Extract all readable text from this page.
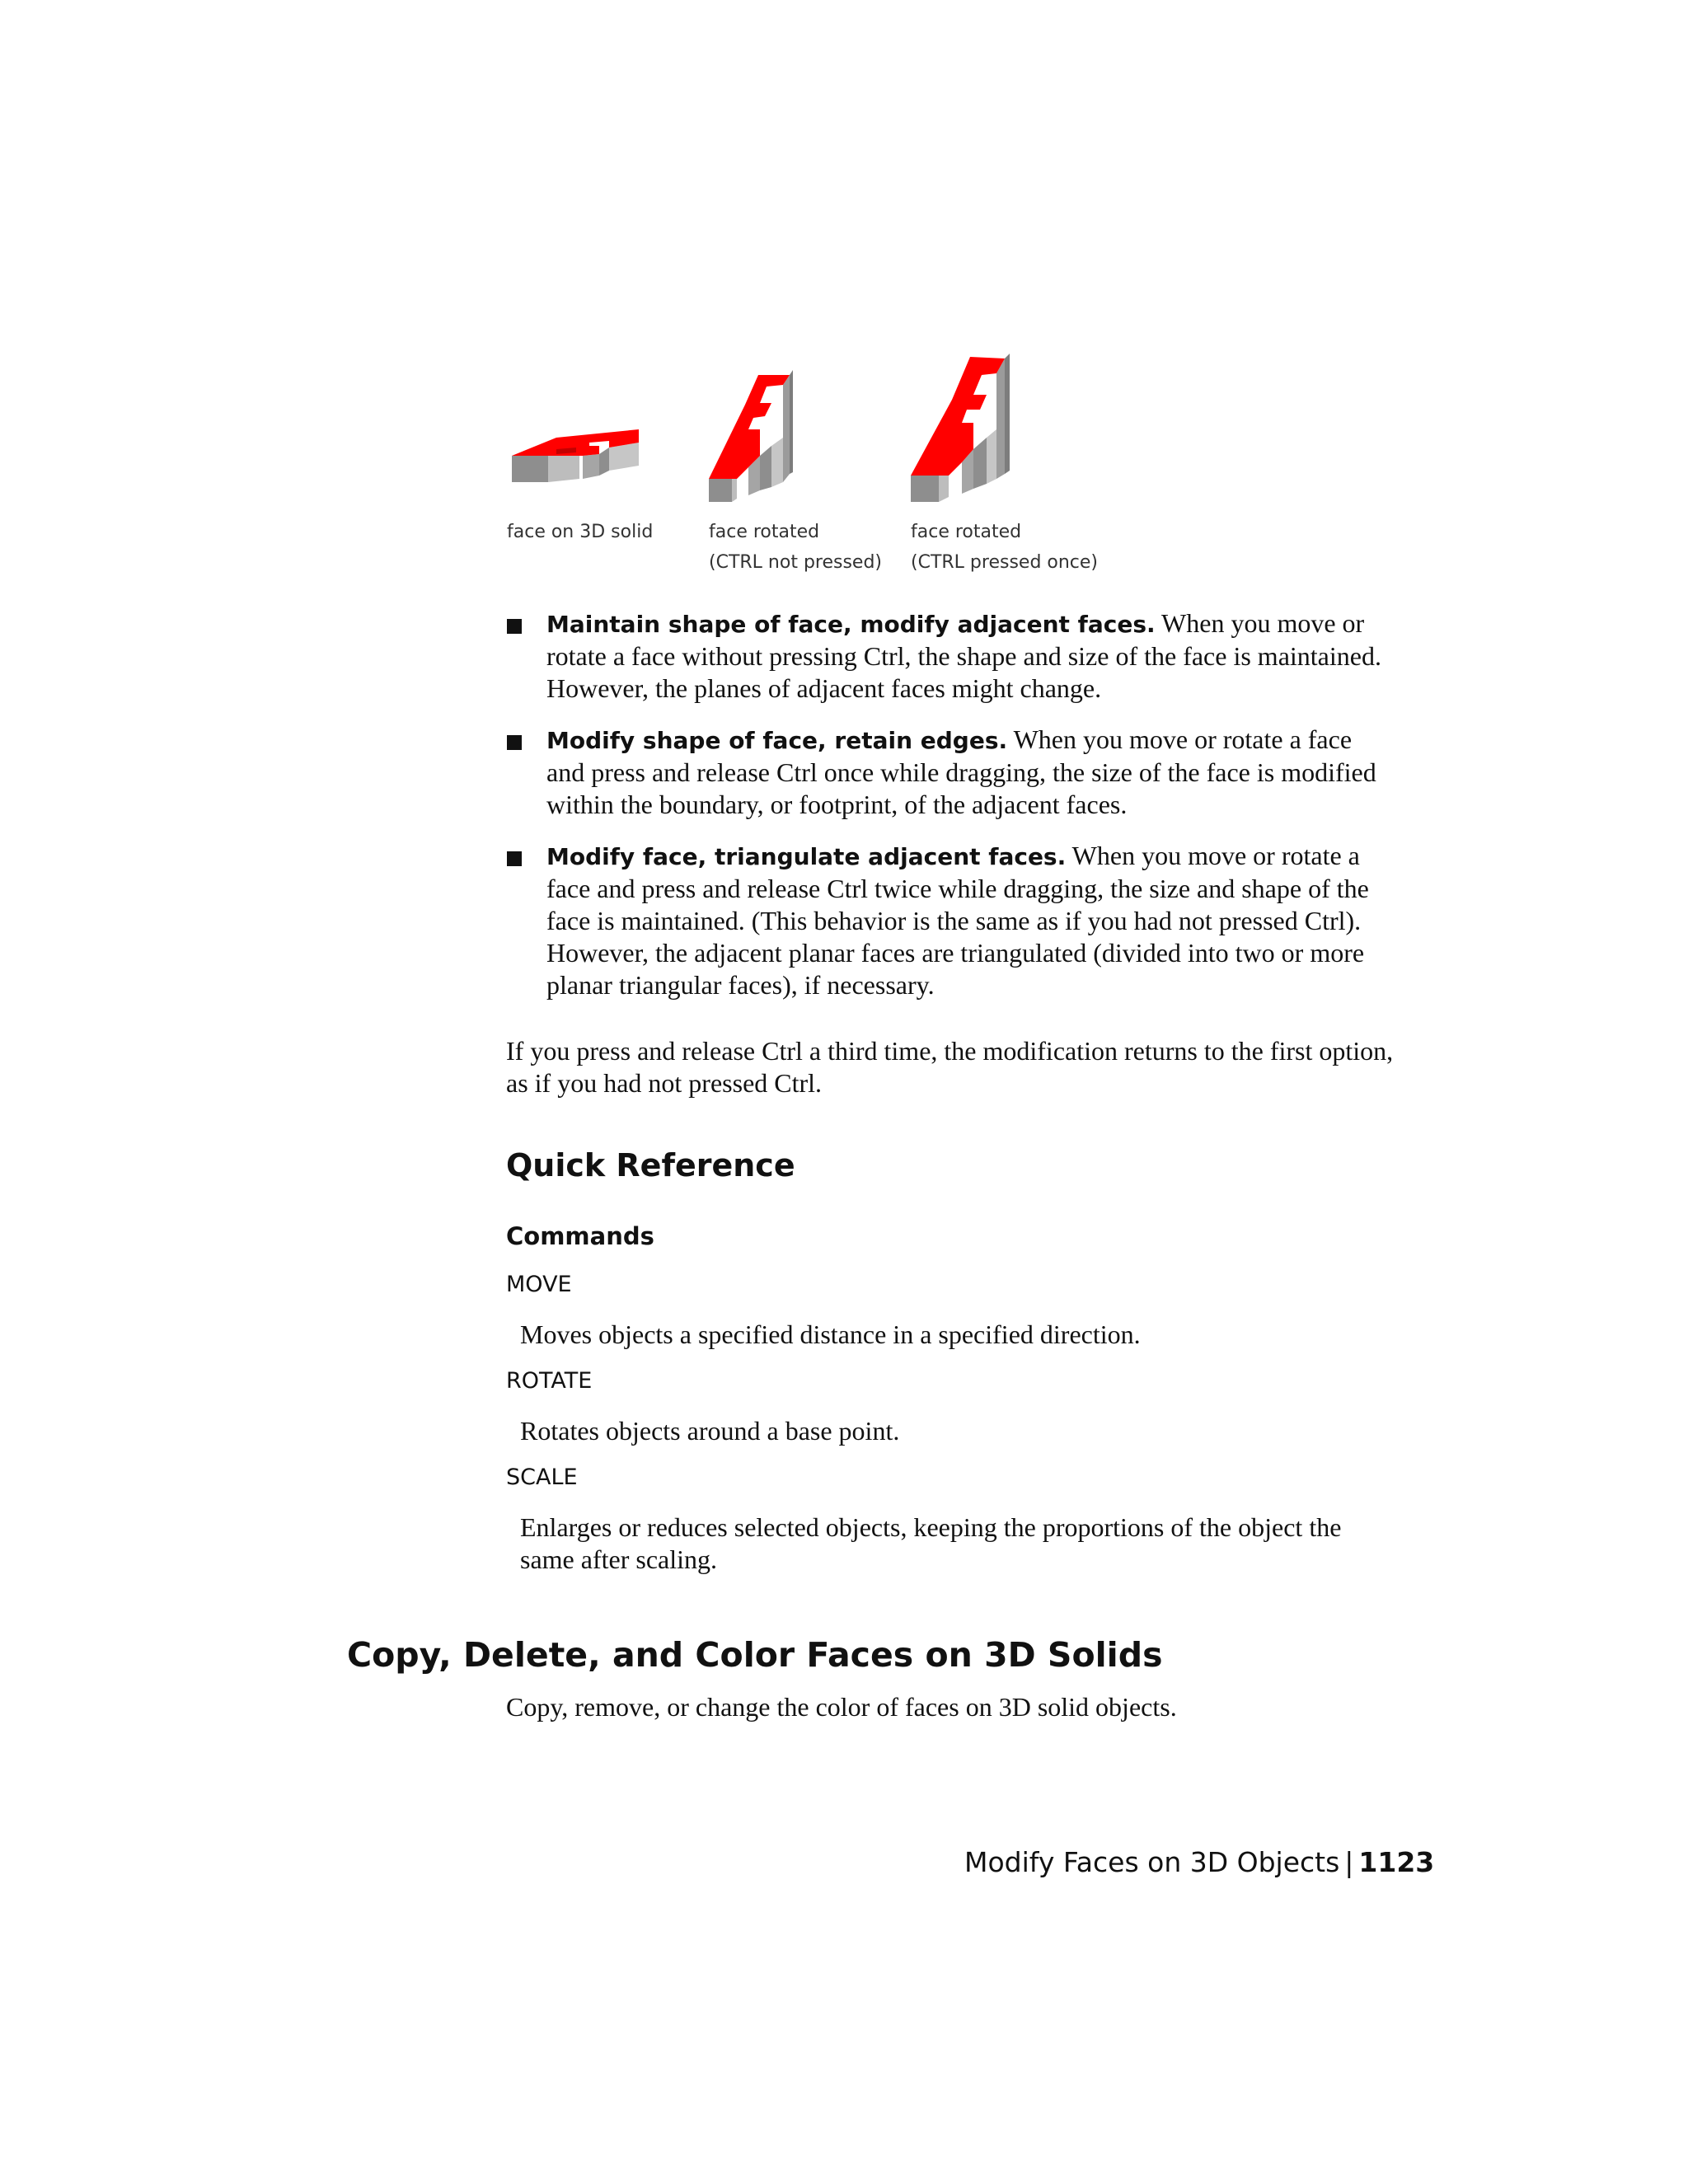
face on 3D solid	face rotated
(CTRL not pressed)
face rotated
(CTRL pressed once)
Maintain shape of face, modify adjacent faces. When you move or rotate a face without pressing Ctrl, the shape and size of the face is maintained. However, the planes of adjacent faces might change.
Modify shape of face, retain edges. When you move or rotate a face and press and release Ctrl once while dragging, the size of the face is modified within the boundary, or footprint, of the adjacent faces.
Modify face, triangulate adjacent faces. When you move or rotate a face and press and release Ctrl twice while dragging, the size and shape of the face is maintained. (This behavior is the same as if you had not pressed Ctrl). However, the adjacent planar faces are triangulated (divided into two or more planar triangular faces), if necessary.

If you press and release Ctrl a third time, the modification returns to the first option, as if you had not pressed Ctrl.

Quick Reference
Commands

MOVE

Moves objects a specified distance in a specified direction.

ROTATE

Rotates objects around a base point.

SCALE

Enlarges or reduces selected objects, keeping the proportions of the object the same after scaling.

Copy, Delete, and Color Faces on 3D Solids

Copy, remove, or change the color of faces on 3D solid objects.

Modify Faces on 3D Objects | 1123
